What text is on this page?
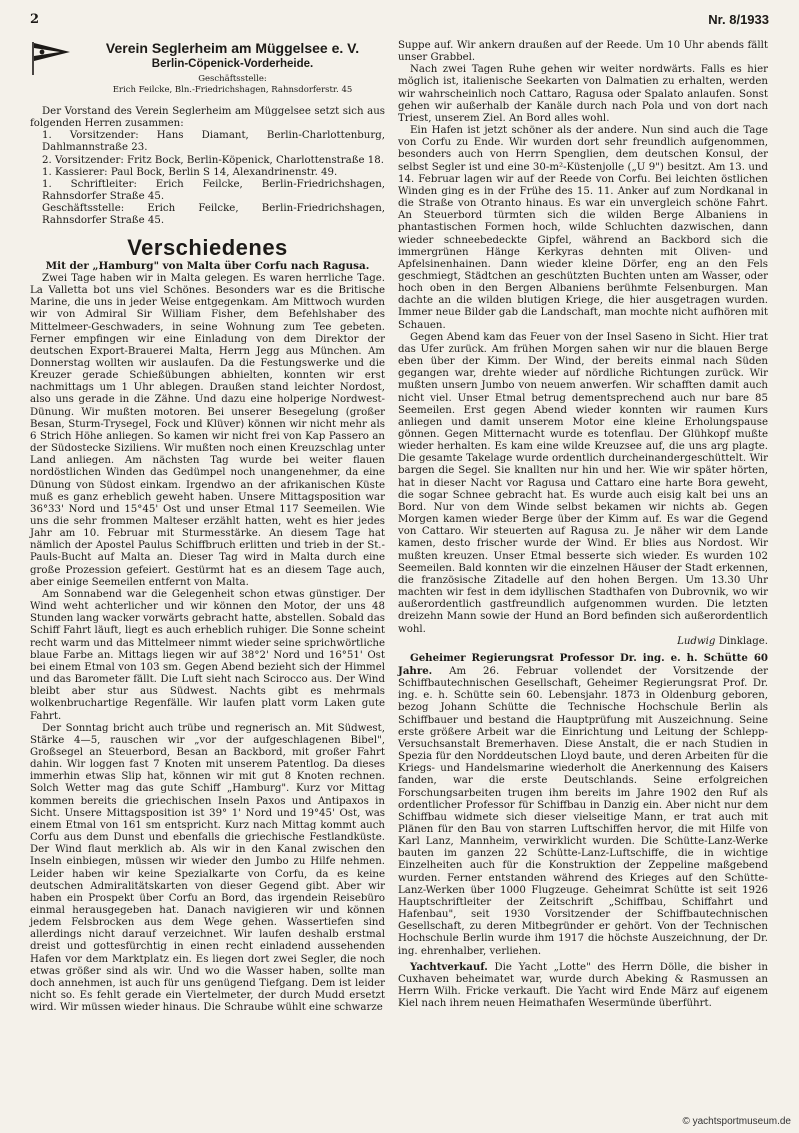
2	Nr. 8/1933
Verein Seglerheim am Müggelsee e. V.
Berlin-Cöpenick-Vorderheide.
Geschäftsstelle:
Erich Feilcke, Bln.-Friedrichshagen, Rahnsdorferstr. 45

Der Vorstand des Verein Seglerheim am Müggelsee setzt sich aus folgenden Herren zusammen:

1. Vorsitzender: Hans Diamant, Berlin-Charlottenburg, Dahlmannstraße 23.

2. Vorsitzender: Fritz Bock, Berlin-Köpenick, Charlottenstraße 18.

1. Kassierer: Paul Bock, Berlin S 14, Alexandrinenstr. 49.

1. Schriftleiter: Erich Feilcke, Berlin-Friedrichshagen, Rahnsdorfer Straße 45.

Geschäftsstelle: Erich Feilcke, Berlin-Friedrichshagen, Rahnsdorfer Straße 45.

Verschiedenes
Mit der „Hamburg" von Malta über Corfu nach Ragusa.

Zwei Tage haben wir in Malta gelegen. Es waren herrliche Tage. La Valletta bot uns viel Schönes. Besonders war es die Britische Marine, die uns in jeder Weise entgegenkam. Am Mittwoch wurden wir von Admiral Sir William Fisher, dem Befehlshaber des Mittelmeer-Geschwaders, in seine Wohnung zum Tee gebeten. Ferner empfingen wir eine Einladung von dem Direktor der deutschen Export-Brauerei Malta, Herrn Jegg aus München. Am Donnerstag wollten wir auslaufen. Da die Festungswerke und die Kreuzer gerade Schießübungen abhielten, konnten wir erst nachmittags um 1 Uhr ablegen. Draußen stand leichter Nordost, also uns gerade in die Zähne. Und dazu eine holperige Nordwest-Dünung. Wir mußten motoren. Bei unserer Besegelung (großer Besan, Sturm-Trysegel, Fock und Klüver) können wir nicht mehr als 6 Strich Höhe anliegen. So kamen wir nicht frei von Kap Passero an der Südostecke Siziliens. Wir mußten noch einen Kreuzschlag unter Land anliegen. Am nächsten Tag wurde bei weiter flauen nordöstlichen Winden das Gedümpel noch unangenehmer, da eine Dünung von Südost einkam. Irgendwo an der afrikanischen Küste muß es ganz erheblich geweht haben. Unsere Mittagsposition war 36°33' Nord und 15°45' Ost und unser Etmal 117 Seemeilen. Wie uns die sehr frommen Malteser erzählt hatten, weht es hier jedes Jahr am 10. Februar mit Sturmesstärke. An diesem Tage hat nämlich der Apostel Paulus Schiffbruch erlitten und trieb in der St.-Pauls-Bucht auf Malta an. Dieser Tag wird in Malta durch eine große Prozession gefeiert. Gestürmt hat es an diesem Tage auch, aber einige Seemeilen entfernt von Malta.

Am Sonnabend war die Gelegenheit schon etwas günstiger. Der Wind weht achterlicher und wir können den Motor, der uns 48 Stunden lang wacker vorwärts gebracht hatte, abstellen. Sobald das Schiff Fahrt läuft, liegt es auch erheblich ruhiger. Die Sonne scheint recht warm und das Mittelmeer nimmt wieder seine sprichwörtliche blaue Farbe an. Mittags liegen wir auf 38°2' Nord und 16°51' Ost bei einem Etmal von 103 sm. Gegen Abend bezieht sich der Himmel und das Barometer fällt. Die Luft sieht nach Scirocco aus. Der Wind bleibt aber stur aus Südwest. Nachts gibt es mehrmals wolkenbruchartige Regenfälle. Wir laufen platt vorm Laken gute Fahrt.

Der Sonntag bricht auch trübe und regnerisch an. Mit Südwest, Stärke 4—5, rauschen wir „vor der aufgeschlagenen Bibel", Großsegel an Steuerbord, Besan an Backbord, mit großer Fahrt dahin. Wir loggen fast 7 Knoten mit unserem Patentlog. Da dieses immerhin etwas Slip hat, können wir mit gut 8 Knoten rechnen. Solch Wetter mag das gute Schiff „Hamburg". Kurz vor Mittag kommen bereits die griechischen Inseln Paxos und Antipaxos in Sicht. Unsere Mittagsposition ist 39° 1' Nord und 19°45' Ost, was einem Etmal von 161 sm entspricht. Kurz nach Mittag kommt auch Corfu aus dem Dunst und ebenfalls die griechische Festlandküste. Der Wind flaut merklich ab. Als wir in den Kanal zwischen den Inseln einbiegen, müssen wir wieder den Jumbo zu Hilfe nehmen. Leider haben wir keine Spezialkarte von Corfu, da es keine deutschen Admiralitätskarten von dieser Gegend gibt. Aber wir haben ein Prospekt über Corfu an Bord, das irgendein Reisebüro einmal herausgegeben hat. Danach navigieren wir und können jedem Felsbrocken aus dem Wege gehen. Wassertiefen sind allerdings nicht darauf verzeichnet. Wir laufen deshalb erstmal dreist und gottesfürchtig in einen recht einladend aussehenden Hafen vor dem Marktplatz ein. Es liegen dort zwei Segler, die noch etwas größer sind als wir. Und wo die Wasser haben, sollte man doch annehmen, ist auch für uns genügend Tiefgang. Dem ist leider nicht so. Es fehlt gerade ein Viertelmeter, der durch Mudd ersetzt wird. Wir müssen wieder hinaus. Die Schraube wühlt eine schwarze

Suppe auf. Wir ankern draußen auf der Reede. Um 10 Uhr abends fällt unser Grabbel.

Nach zwei Tagen Ruhe gehen wir weiter nordwärts. Falls es hier möglich ist, italienische Seekarten von Dalmatien zu erhalten, werden wir wahrscheinlich noch Cattaro, Ragusa oder Spalato anlaufen. Sonst gehen wir außerhalb der Kanäle durch nach Pola und von dort nach Triest, unserem Ziel. An Bord alles wohl.

Ein Hafen ist jetzt schöner als der andere. Nun sind auch die Tage von Corfu zu Ende. Wir wurden dort sehr freundlich aufgenommen, besonders auch von Herrn Spenglien, dem deutschen Konsul, der selbst Segler ist und eine 30-m²-Küstenjolle („U 9") besitzt. Am 13. und 14. Februar lagen wir auf der Reede von Corfu. Bei leichten östlichen Winden ging es in der Frühe des 15. 11. Anker auf zum Nordkanal in die Straße von Otranto hinaus. Es war ein unvergleich schöne Fahrt. An Steuerbord türmten sich die wilden Berge Albaniens in phantastischen Formen hoch, wilde Schluchten dazwischen, dann wieder schneebedeckte Gipfel, während an Backbord sich die immergrünen Hänge Kerkyras dehnten mit Oliven- und Apfelsinenhainen. Dann wieder kleine Dörfer, eng an den Fels geschmiegt, Städtchen an geschützten Buchten unten am Wasser, oder hoch oben in den Bergen Albaniens berühmte Felsenburgen. Man dachte an die wilden blutigen Kriege, die hier ausgetragen wurden. Immer neue Bilder gab die Landschaft, man mochte nicht aufhören mit Schauen.

Gegen Abend kam das Feuer von der Insel Saseno in Sicht. Hier trat das Ufer zurück. Am frühen Morgen sahen wir nur die blauen Berge eben über der Kimm. Der Wind, der bereits einmal nach Süden gegangen war, drehte wieder auf nördliche Richtungen zurück. Wir mußten unsern Jumbo von neuem anwerfen. Wir schafften damit auch nicht viel. Unser Etmal betrug dementsprechend auch nur bare 85 Seemeilen. Erst gegen Abend wieder konnten wir raumen Kurs anliegen und damit unserem Motor eine kleine Erholungspause gönnen. Gegen Mitternacht wurde es totenflau. Der Glühkopf mußte wieder herhalten. Es kam eine wilde Kreuzsee auf, die uns arg plagte. Die gesamte Takelage wurde ordentlich durcheinandergeschüttelt. Wir bargen die Segel. Sie knallten nur hin und her. Wie wir später hörten, hat in dieser Nacht vor Ragusa und Cattaro eine harte Bora geweht, die sogar Schnee gebracht hat. Es wurde auch eisig kalt bei uns an Bord. Nur von dem Winde selbst bekamen wir nichts ab. Gegen Morgen kamen wieder Berge über der Kimm auf. Es war die Gegend von Cattaro. Wir steuerten auf Ragusa zu. Je näher wir dem Lande kamen, desto frischer wurde der Wind. Er blies aus Nordost. Wir mußten kreuzen. Unser Etmal besserte sich wieder. Es wurden 102 Seemeilen. Bald konnten wir die einzelnen Häuser der Stadt erkennen, die französische Zitadelle auf den hohen Bergen. Um 13.30 Uhr machten wir fest in dem idyllischen Stadthafen von Dubrovnik, wo wir außerordentlich gastfreundlich aufgenommen wurden. Die letzten dreizehn Mann sowie der Hund an Bord befinden sich außerordentlich wohl.

Ludwig Dinklage.

Geheimer Regierungsrat Professor Dr. ing. e. h. Schütte 60 Jahre. Am 26. Februar vollendet der Vorsitzende der Schiffbautechnischen Gesellschaft, Geheimer Regierungsrat Prof. Dr. ing. e. h. Schütte sein 60. Lebensjahr. 1873 in Oldenburg geboren, bezog Johann Schütte die Technische Hochschule Berlin als Schiffbauer und bestand die Hauptprüfung mit Auszeichnung. Seine erste größere Arbeit war die Einrichtung und Leitung der Schlepp-Versuchsanstalt Bremerhaven. Diese Anstalt, die er nach Studien in Spezia für den Norddeutschen Lloyd baute, und deren Arbeiten für die Kriegs- und Handelsmarine wiederholt die Anerkennung des Kaisers fanden, war die erste Deutschlands. Seine erfolgreichen Forschungsarbeiten trugen ihm bereits im Jahre 1902 den Ruf als ordentlicher Professor für Schiffbau in Danzig ein. Aber nicht nur dem Schiffbau widmete sich dieser vielseitige Mann, er trat auch mit Plänen für den Bau von starren Luftschiffen hervor, die mit Hilfe von Karl Lanz, Mannheim, verwirklicht wurden. Die Schütte-Lanz-Werke bauten im ganzen 22 Schütte-Lanz-Luftschiffe, die in wichtige Einzelheiten auch für die Konstruktion der Zeppeline maßgebend wurden. Ferner entstanden während des Krieges auf den Schütte-Lanz-Werken über 1000 Flugzeuge. Geheimrat Schütte ist seit 1926 Hauptschriftleiter der Zeitschrift „Schiffbau, Schiffahrt und Hafenbau", seit 1930 Vorsitzender der Schiffbautechnischen Gesellschaft, zu deren Mitbegründer er gehört. Von der Technischen Hochschule Berlin wurde ihm 1917 die höchste Auszeichnung, der Dr. ing. ehrenhalber, verliehen.

Yachtverkauf. Die Yacht „Lotte" des Herrn Dölle, die bisher in Cuxhaven beheimatet war, wurde durch Abeking & Rasmussen an Herrn Wilh. Fricke verkauft. Die Yacht wird Ende März auf eigenem Kiel nach ihrem neuen Heimathafen Wesermünde überführt.

© yachtsportmuseum.de
